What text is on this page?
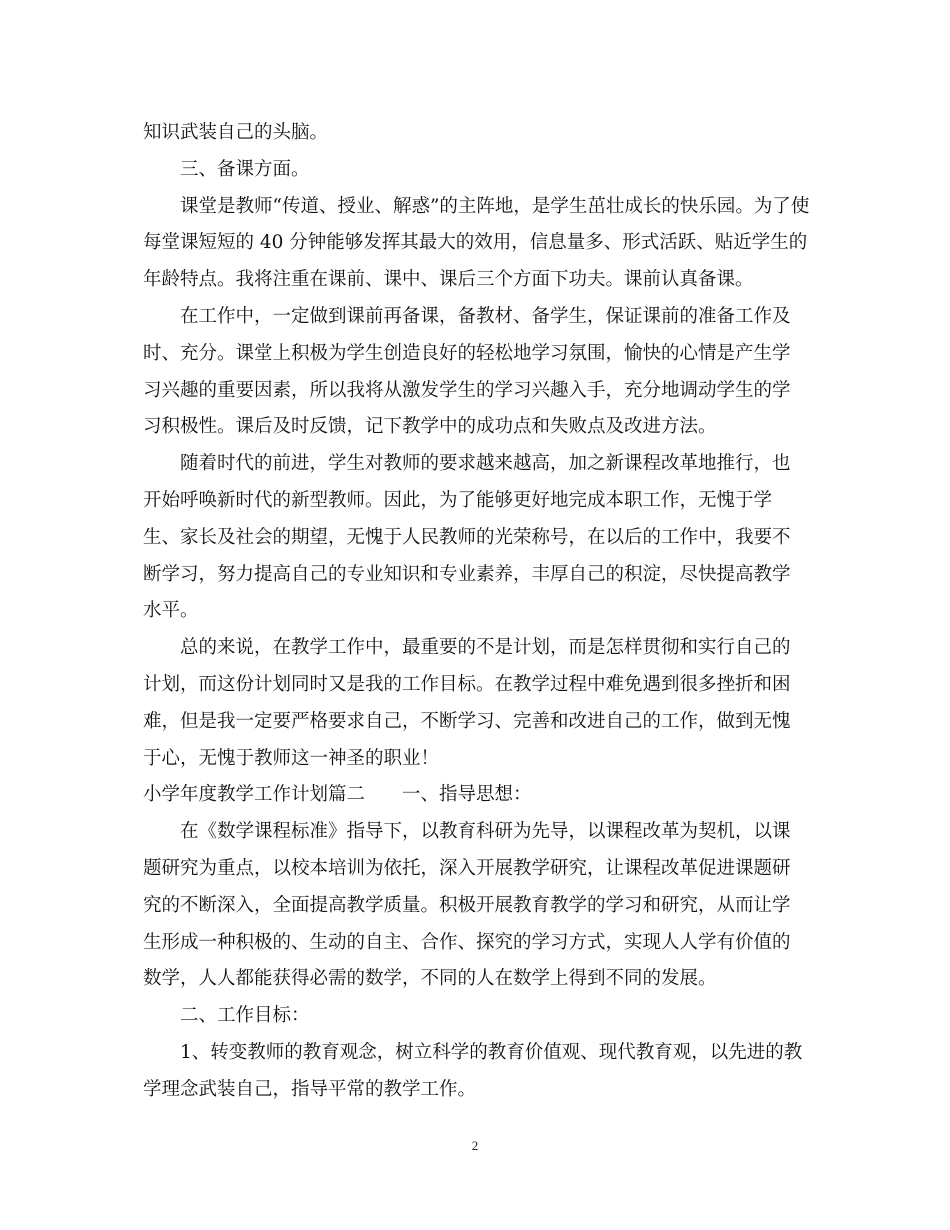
知识武装自己的头脑。
三、备课方面。
课堂是教师“传道、授业、解惑”的主阵地，是学生茁壮成长的快乐园。为了使
每堂课短短的 40 分钟能够发挥其最大的效用，信息量多、形式活跃、贴近学生的
年龄特点。我将注重在课前、课中、课后三个方面下功夫。课前认真备课。
在工作中，一定做到课前再备课，备教材、备学生，保证课前的准备工作及
时、充分。课堂上积极为学生创造良好的轻松地学习氛围，愉快的心情是产生学
习兴趣的重要因素，所以我将从激发学生的学习兴趣入手，充分地调动学生的学
习积极性。课后及时反馈，记下教学中的成功点和失败点及改进方法。
随着时代的前进，学生对教师的要求越来越高，加之新课程改革地推行，也
开始呼唤新时代的新型教师。因此，为了能够更好地完成本职工作，无愧于学
生、家长及社会的期望，无愧于人民教师的光荣称号，在以后的工作中，我要不
断学习，努力提高自己的专业知识和专业素养，丰厚自己的积淀，尽快提高教学
水平。
总的来说，在教学工作中，最重要的不是计划，而是怎样贯彻和实行自己的
计划，而这份计划同时又是我的工作目标。在教学过程中难免遇到很多挫折和困
难，但是我一定要严格要求自己，不断学习、完善和改进自己的工作，做到无愧
于心，无愧于教师这一神圣的职业！
小学年度教学工作计划篇二　　一、指导思想：
在《数学课程标准》指导下，以教育科研为先导，以课程改革为契机，以课
题研究为重点，以校本培训为依托，深入开展教学研究，让课程改革促进课题研
究的不断深入，全面提高教学质量。积极开展教育教学的学习和研究，从而让学
生形成一种积极的、生动的自主、合作、探究的学习方式，实现人人学有价值的
数学，人人都能获得必需的数学，不同的人在数学上得到不同的发展。
二、工作目标：
1、转变教师的教育观念，树立科学的教育价值观、现代教育观，以先进的教
学理念武装自己，指导平常的教学工作。
2
